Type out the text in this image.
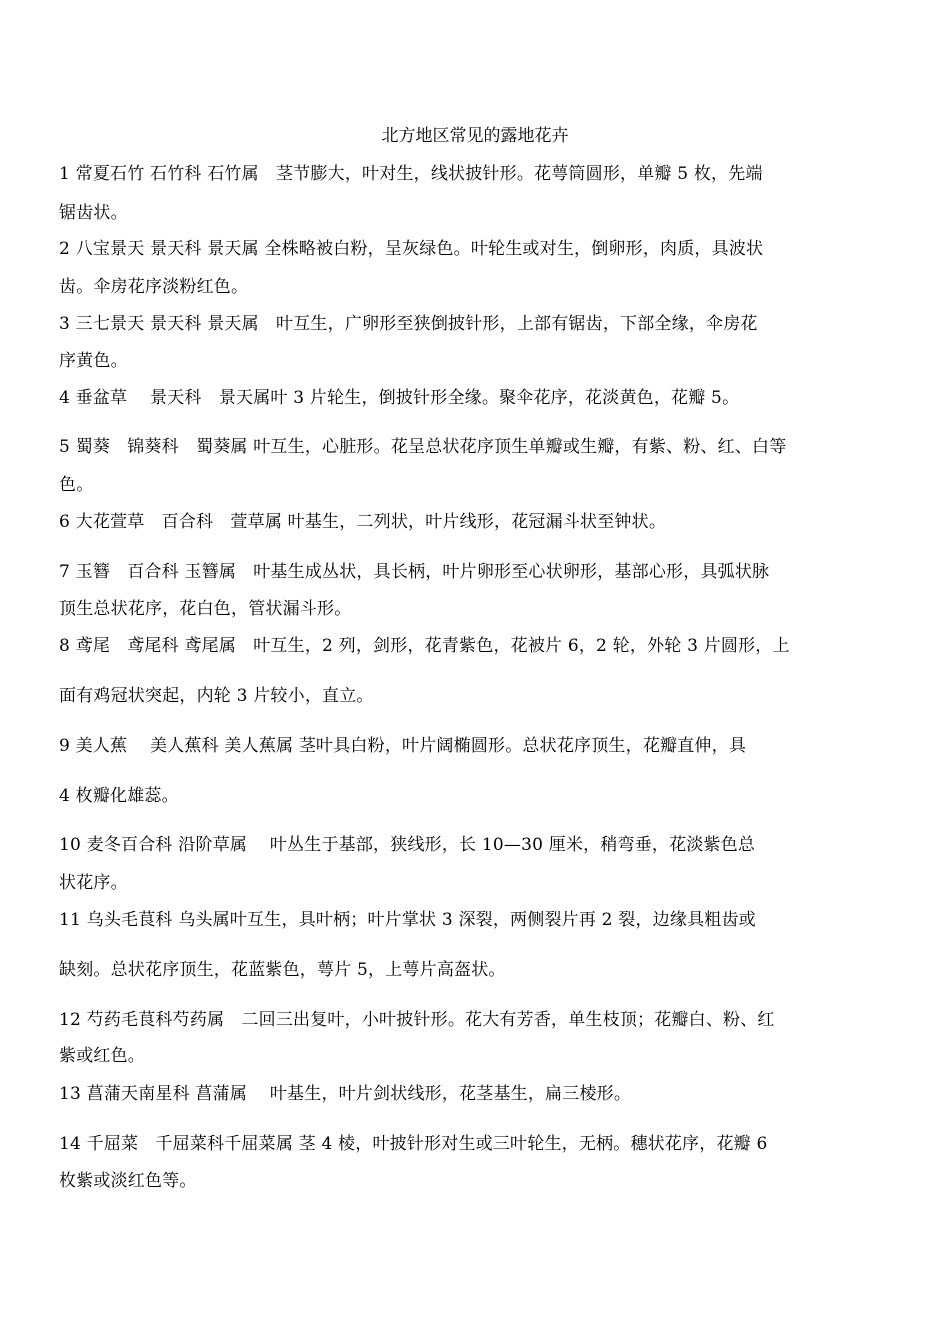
北方地区常见的露地花卉
1 常夏石竹 石竹科 石竹属　茎节膨大，叶对生，线状披针形。花萼筒圆形，单瓣 5 枚，先端
锯齿状。
2 八宝景天 景天科 景天属 全株略被白粉，呈灰绿色。叶轮生或对生，倒卵形，肉质，具波状
齿。伞房花序淡粉红色。
3 三七景天 景天科 景天属　叶互生，广卵形至狭倒披针形，上部有锯齿，下部全缘，伞房花
序黄色。
4 垂盆草　 景天科　景天属叶 3 片轮生，倒披针形全缘。聚伞花序，花淡黄色，花瓣 5。
5 蜀葵　锦葵科　蜀葵属 叶互生，心脏形。花呈总状花序顶生单瓣或生瓣，有紫、粉、红、白等
色。
6 大花萱草　百合科　萱草属 叶基生，二列状，叶片线形，花冠漏斗状至钟状。
7 玉簪　百合科 玉簪属　叶基生成丛状，具长柄，叶片卵形至心状卵形，基部心形，具弧状脉
顶生总状花序，花白色，管状漏斗形。
8 鸢尾　鸢尾科 鸢尾属　叶互生，2 列，剑形，花青紫色，花被片 6，2 轮，外轮 3 片圆形，上
面有鸡冠状突起，内轮 3 片较小，直立。
9 美人蕉　 美人蕉科 美人蕉属 茎叶具白粉，叶片阔椭圆形。总状花序顶生，花瓣直伸，具
4 枚瓣化雄蕊。
10 麦冬百合科 沿阶草属　 叶丛生于基部，狭线形，长 10—30 厘米，稍弯垂，花淡紫色总
状花序。
11 乌头毛茛科 乌头属叶互生，具叶柄；叶片掌状 3 深裂，两侧裂片再 2 裂，边缘具粗齿或
缺刻。总状花序顶生，花蓝紫色，萼片 5，上萼片高盔状。
12 芍药毛茛科芍药属　二回三出复叶，小叶披针形。花大有芳香，单生枝顶；花瓣白、粉、红
紫或红色。
13 菖蒲天南星科 菖蒲属　 叶基生，叶片剑状线形，花茎基生，扁三棱形。
14 千屈菜　千屈菜科千屈菜属 茎 4 棱，叶披针形对生或三叶轮生，无柄。穗状花序，花瓣 6
枚紫或淡红色等。
